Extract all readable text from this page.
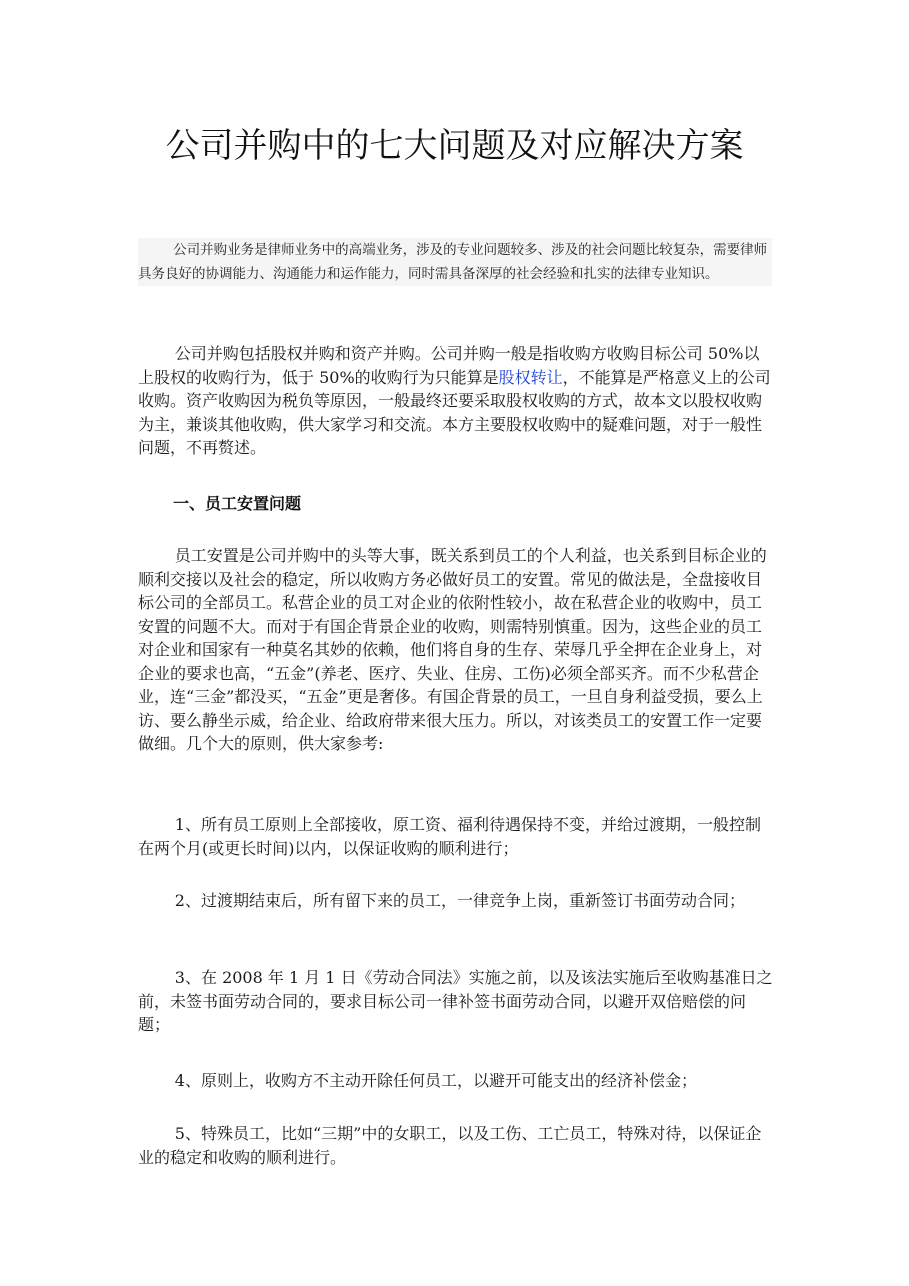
公司并购中的七大问题及对应解决方案
公司并购业务是律师业务中的高端业务，涉及的专业问题较多、涉及的社会问题比较复杂，需要律师具务良好的协调能力、沟通能力和运作能力，同时需具备深厚的社会经验和扎实的法律专业知识。

公司并购包括股权并购和资产并购。公司并购一般是指收购方收购目标公司 50%以上股权的收购行为，低于 50%的收购行为只能算是股权转让，不能算是严格意义上的公司收购。资产收购因为税负等原因，一般最终还要采取股权收购的方式，故本文以股权收购为主，兼谈其他收购，供大家学习和交流。本方主要股权收购中的疑难问题，对于一般性问题，不再赘述。

一、员工安置问题

员工安置是公司并购中的头等大事，既关系到员工的个人利益，也关系到目标企业的顺利交接以及社会的稳定，所以收购方务必做好员工的安置。常见的做法是，全盘接收目标公司的全部员工。私营企业的员工对企业的依附性较小，故在私营企业的收购中，员工安置的问题不大。而对于有国企背景企业的收购，则需特别慎重。因为，这些企业的员工对企业和国家有一种莫名其妙的依赖，他们将自身的生存、荣辱几乎全押在企业身上，对企业的要求也高，“五金”(养老、医疗、失业、住房、工伤)必须全部买齐。而不少私营企业，连“三金”都没买，“五金”更是奢侈。有国企背景的员工，一旦自身利益受损，要么上访、要么静坐示威，给企业、给政府带来很大压力。所以，对该类员工的安置工作一定要做细。几个大的原则，供大家参考:

1、所有员工原则上全部接收，原工资、福利待遇保持不变，并给过渡期，一般控制在两个月(或更长时间)以内，以保证收购的顺利进行；

2、过渡期结束后，所有留下来的员工，一律竞争上岗，重新签订书面劳动合同；

3、在 2008 年 1 月 1 日《劳动合同法》实施之前，以及该法实施后至收购基准日之前，未签书面劳动合同的，要求目标公司一律补签书面劳动合同，以避开双倍赔偿的问题；

4、原则上，收购方不主动开除任何员工，以避开可能支出的经济补偿金；

5、特殊员工，比如“三期”中的女职工，以及工伤、工亡员工，特殊对待，以保证企业的稳定和收购的顺利进行。
